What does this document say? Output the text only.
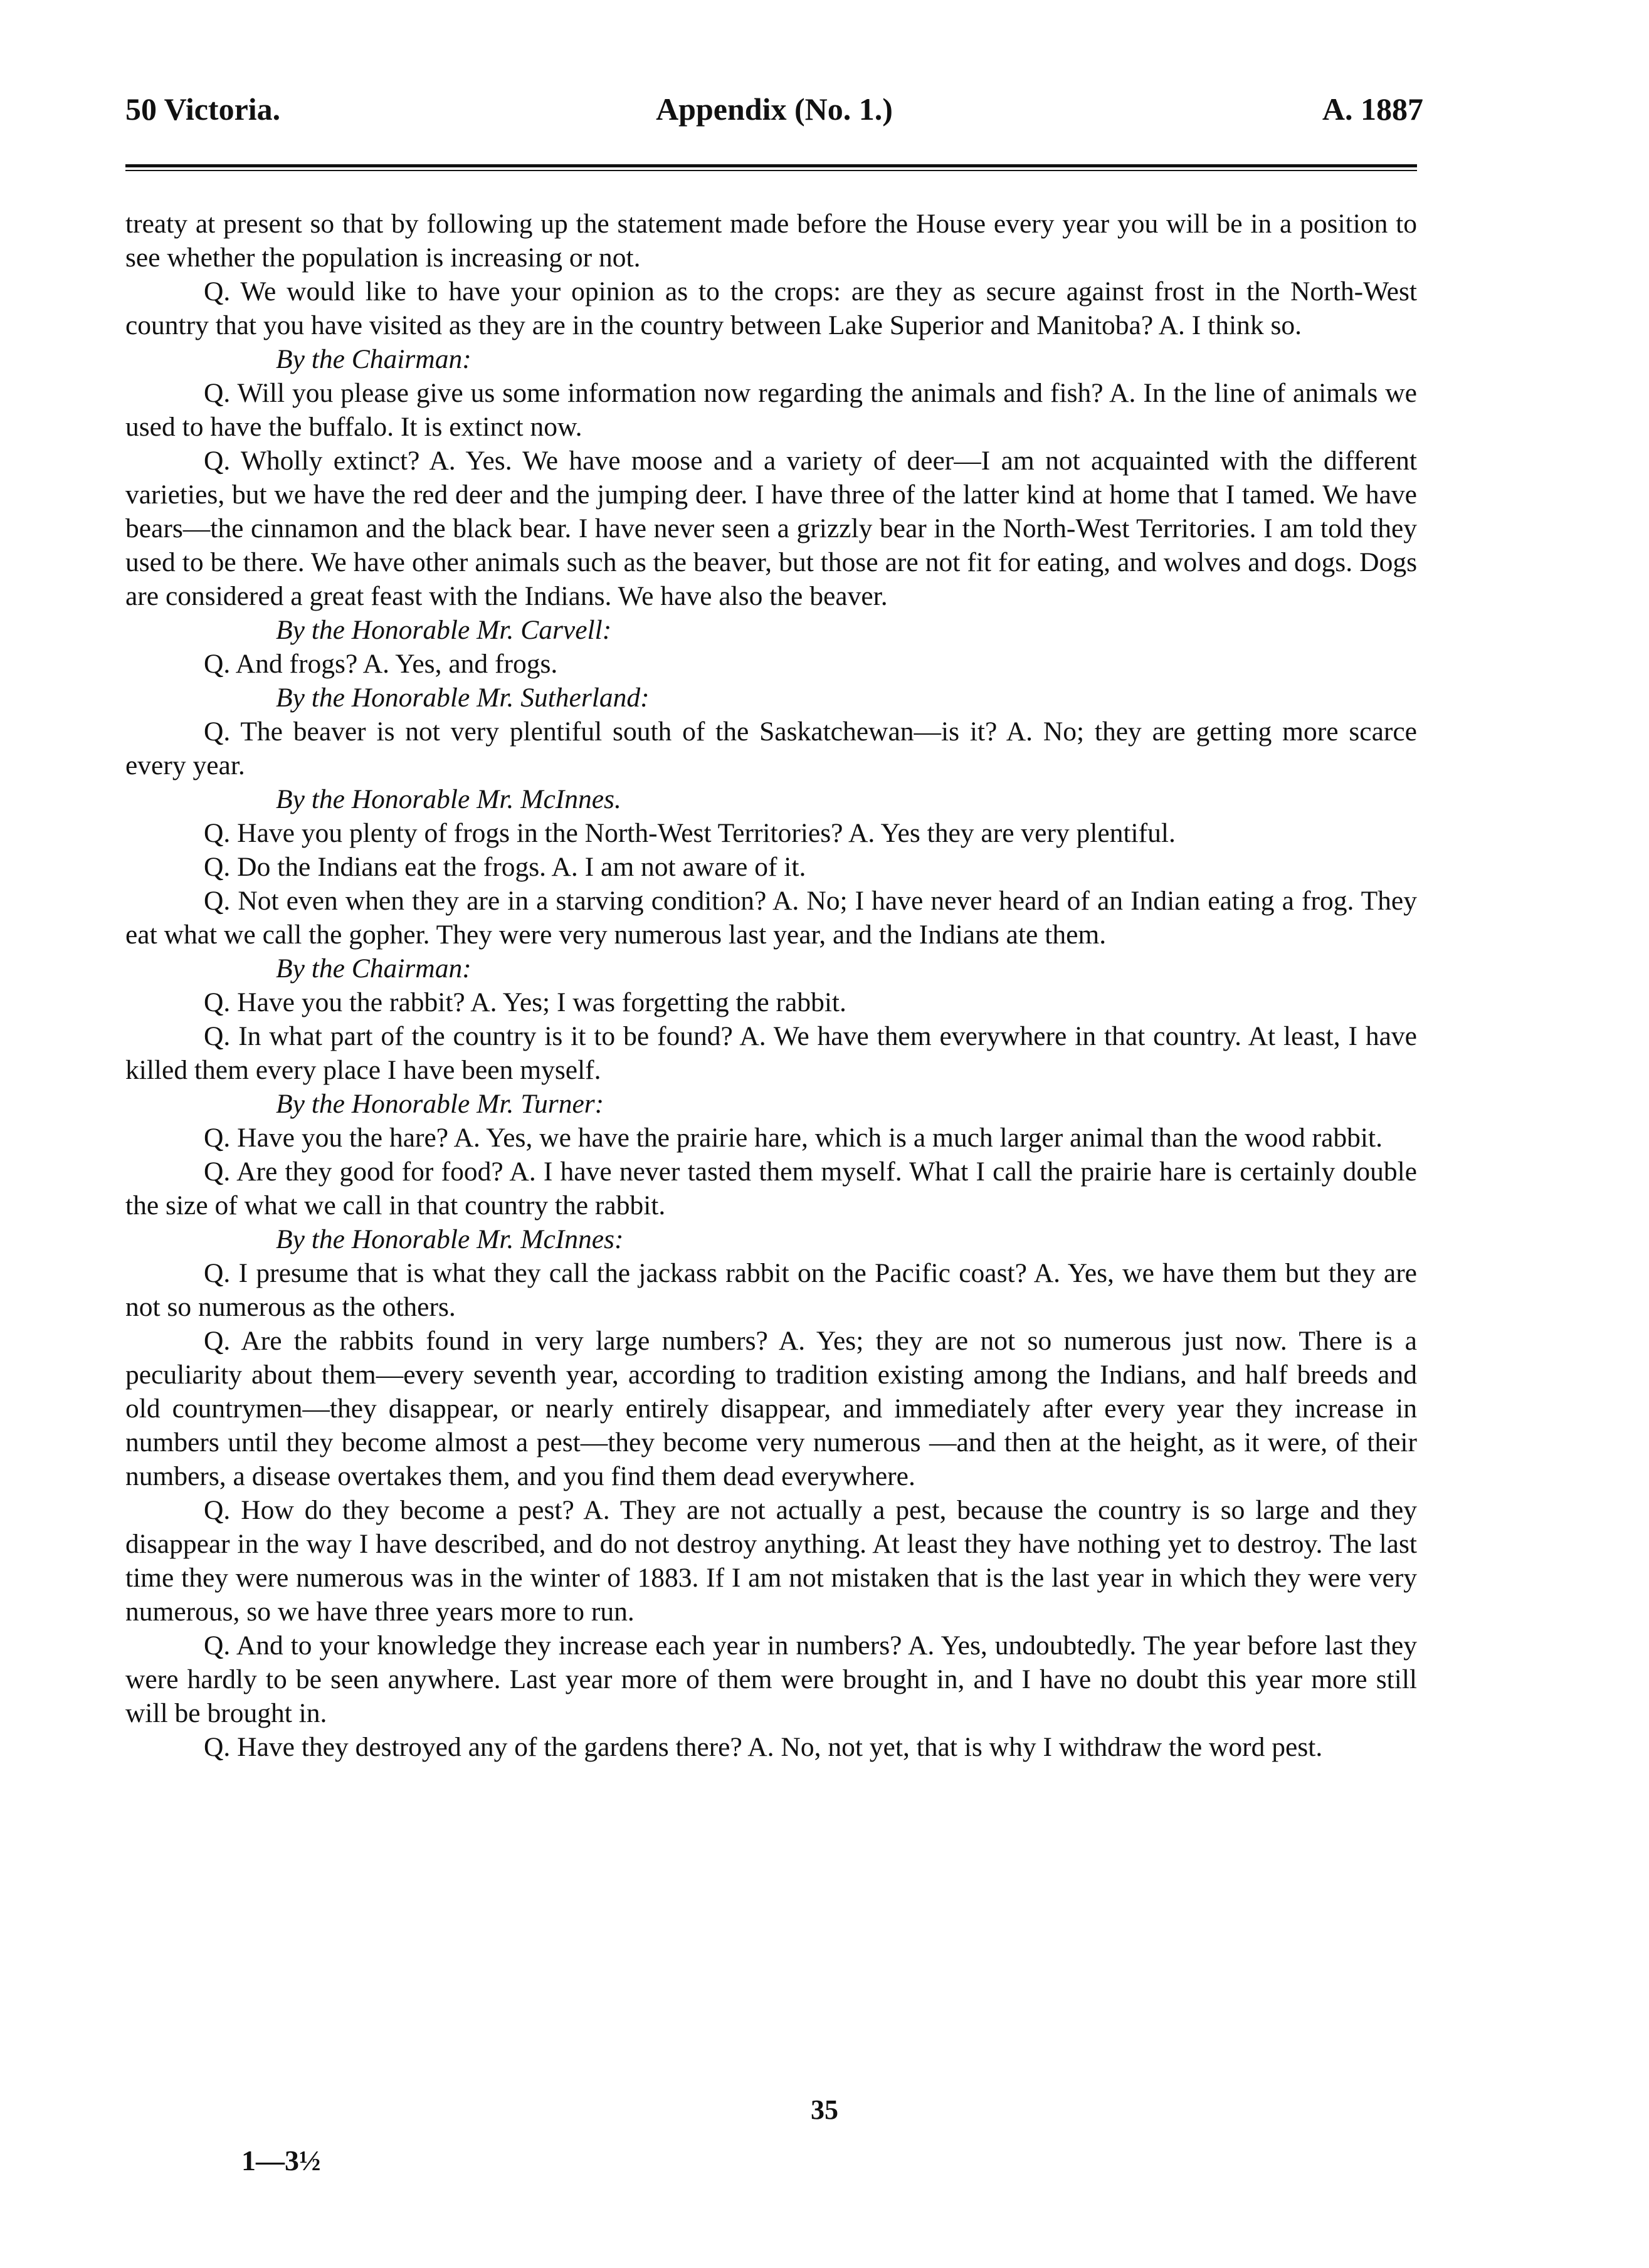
50 Victoria.	Appendix (No. 1.)	A. 1887

treaty at present so that by following up the statement made before the House every year you will be in a position to see whether the population is increasing or not.

Q. We would like to have your opinion as to the crops: are they as secure against frost in the North-West country that you have visited as they are in the country between Lake Superior and Manitoba? A. I think so.

By the Chairman:

Q. Will you please give us some information now regarding the animals and fish? A. In the line of animals we used to have the buffalo. It is extinct now.

Q. Wholly extinct? A. Yes. We have moose and a variety of deer—I am not acquainted with the different varieties, but we have the red deer and the jumping deer. I have three of the latter kind at home that I tamed. We have bears—the cinnamon and the black bear. I have never seen a grizzly bear in the North-West Territories. I am told they used to be there. We have other animals such as the beaver, but those are not fit for eating, and wolves and dogs. Dogs are considered a great feast with the Indians. We have also the beaver.

By the Honorable Mr. Carvell:

Q. And frogs? A. Yes, and frogs.

By the Honorable Mr. Sutherland:

Q. The beaver is not very plentiful south of the Saskatchewan—is it? A. No; they are getting more scarce every year.

By the Honorable Mr. McInnes.

Q. Have you plenty of frogs in the North-West Territories? A. Yes they are very plentiful.

Q. Do the Indians eat the frogs. A. I am not aware of it.

Q. Not even when they are in a starving condition? A. No; I have never heard of an Indian eating a frog. They eat what we call the gopher. They were very numerous last year, and the Indians ate them.

By the Chairman:

Q. Have you the rabbit? A. Yes; I was forgetting the rabbit.

Q. In what part of the country is it to be found? A. We have them everywhere in that country. At least, I have killed them every place I have been myself.

By the Honorable Mr. Turner:

Q. Have you the hare? A. Yes, we have the prairie hare, which is a much larger animal than the wood rabbit.

Q. Are they good for food? A. I have never tasted them myself. What I call the prairie hare is certainly double the size of what we call in that country the rabbit.

By the Honorable Mr. McInnes:

Q. I presume that is what they call the jackass rabbit on the Pacific coast? A. Yes, we have them but they are not so numerous as the others.

Q. Are the rabbits found in very large numbers? A. Yes; they are not so numerous just now. There is a peculiarity about them—every seventh year, according to tradition existing among the Indians, and half breeds and old countrymen—they disappear, or nearly entirely disappear, and immediately after every year they increase in numbers until they become almost a pest—they become very numerous —and then at the height, as it were, of their numbers, a disease overtakes them, and you find them dead everywhere.

Q. How do they become a pest? A. They are not actually a pest, because the country is so large and they disappear in the way I have described, and do not destroy anything. At least they have nothing yet to destroy. The last time they were numerous was in the winter of 1883. If I am not mistaken that is the last year in which they were very numerous, so we have three years more to run.

Q. And to your knowledge they increase each year in numbers? A. Yes, undoubtedly. The year before last they were hardly to be seen anywhere. Last year more of them were brought in, and I have no doubt this year more still will be brought in.

Q. Have they destroyed any of the gardens there? A. No, not yet, that is why I withdraw the word pest.

35
1—3½
